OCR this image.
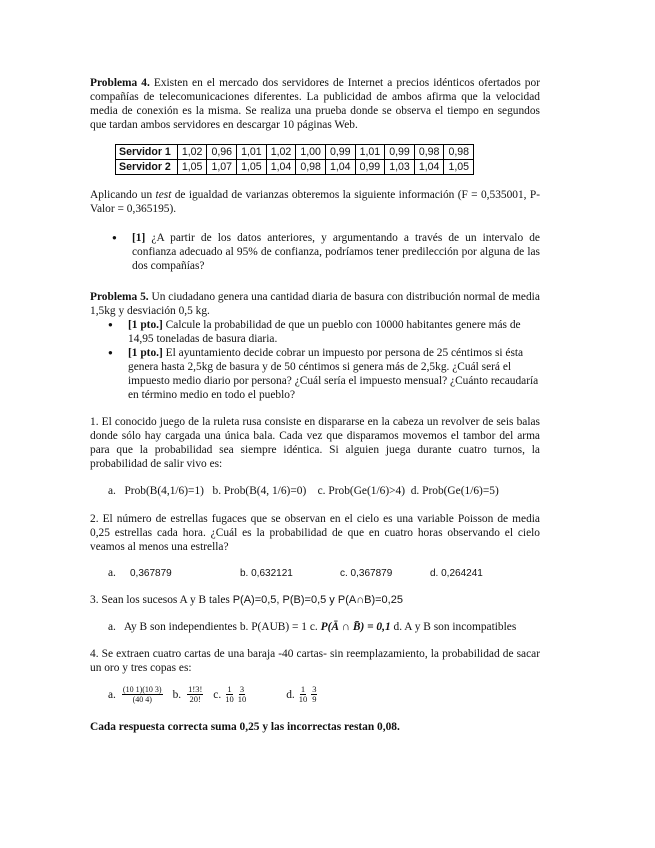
Problema 4. Existen en el mercado dos servidores de Internet a precios idénticos ofertados por compañías de telecomunicaciones diferentes. La publicidad de ambos afirma que la velocidad media de conexión es la misma. Se realiza una prueba donde se observa el tiempo en segundos que tardan ambos servidores en descargar 10 páginas Web.

Servidor 1	1,02	0,96	1,01	1,02	1,00	0,99	1,01	0,99	0,98	0,98
Servidor 2	1,05	1,07	1,05	1,04	0,98	1,04	0,99	1,03	1,04	1,05

Aplicando un test de igualdad de varianzas obteremos la siguiente información (F = 0,535001, P-Valor = 0,365195).

● [1] ¿A partir de los datos anteriores, y argumentando a través de un intervalo de confianza adecuado al 95% de confianza, podríamos tener predilección por alguna de las dos compañías?

Problema 5. Un ciudadano genera una cantidad diaria de basura con distribución normal de media 1,5kg y desviación 0,5 kg.

● [1 pto.] Calcule la probabilidad de que un pueblo con 10000 habitantes genere más de 14,95 toneladas de basura diaria.
● [1 pto.] El ayuntamiento decide cobrar un impuesto por persona de 25 céntimos si ésta genera hasta 2,5kg de basura y de 50 céntimos si genera más de 2,5kg. ¿Cuál será el impuesto medio diario por persona? ¿Cuál sería el impuesto mensual? ¿Cuánto recaudaría en término medio en todo el pueblo?

1. El conocido juego de la ruleta rusa consiste en dispararse en la cabeza un revolver de seis balas donde sólo hay cargada una única bala. Cada vez que disparamos movemos el tambor del arma para que la probabilidad sea siempre idéntica. Si alguien juega durante cuatro turnos, la probabilidad de salir vivo es:

a.   Prob(B(4,1/6)=1)   b. Prob(B(4, 1/6)=0)    c. Prob(Ge(1/6)>4)  d. Prob(Ge(1/6)=5)

2. El número de estrellas fugaces que se observan en el cielo es una variable Poisson de media 0,25 estrellas cada hora. ¿Cuál es la probabilidad de que en cuatro horas observando el cielo veamos al menos una estrella?

a.	0,367879	b. 0,632121	c. 0,367879	d. 0,264241

3. Sean los sucesos A y B tales P(A)=0,5, P(B)=0,5 y P(A∩B)=0,25

a.   Ay B son independientes b. P(AUB) = 1 c. P(Ā ∩ B̄) = 0,1 d. A y B son incompatibles

4. Se extraen cuatro cartas de una baraja -40 cartas- sin reemplazamiento, la probabilidad de sacar un oro y tres copas es:

a. $\frac{(10 1)(10 3)}{(40 4)} b$. $\frac{1!3!}{20!} c$. $\frac{1}{10} \frac{3}{10}$	d. $\frac{1}{10} \frac{3}{9}$

Cada respuesta correcta suma 0,25 y las incorrectas restan 0,08.
